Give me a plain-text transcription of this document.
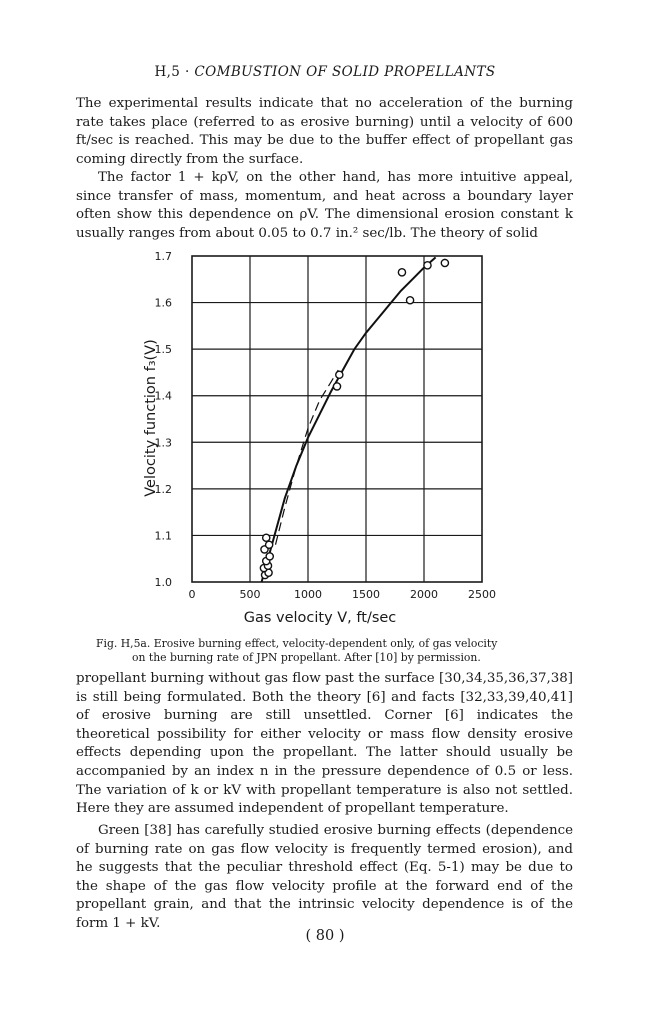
H,5 · COMBUSTION OF SOLID PROPELLANTS

The experimental results indicate that no acceleration of the burning rate takes place (referred to as erosive burning) until a velocity of 600 ft/sec is reached. This may be due to the buffer effect of propellant gas coming directly from the surface.

The factor 1 + kρV, on the other hand, has more intuitive appeal, since transfer of mass, momentum, and heat across a boundary layer often show this dependence on ρV. The dimensional erosion constant k usually ranges from about 0.05 to 0.7 in.² sec/lb. The theory of solid

0	500	1000	1500	2000	2500
1.0
1.1
1.2
1.3
1.4
1.5
1.6
1.7
Gas velocity V, ft/sec
Velocity function f₃(V)
Fig. H,5a. Erosive burning effect, velocity-dependent only, of gas velocity
on the burning rate of JPN propellant. After [10] by permission.

propellant burning without gas flow past the surface [30,34,35,36,37,38] is still being formulated. Both the theory [6] and facts [32,33,39,40,41] of erosive burning are still unsettled. Corner [6] indicates the theoretical possibility for either velocity or mass flow density erosive effects depending upon the propellant. The latter should usually be accompanied by an index n in the pressure dependence of 0.5 or less. The variation of k or kV with propellant temperature is also not settled. Here they are assumed independent of propellant temperature.

Green [38] has carefully studied erosive burning effects (dependence of burning rate on gas flow velocity is frequently termed erosion), and he suggests that the peculiar threshold effect (Eq. 5-1) may be due to the shape of the gas flow velocity profile at the forward end of the propellant grain, and that the intrinsic velocity dependence is of the form 1 + kV.

( 80 )
